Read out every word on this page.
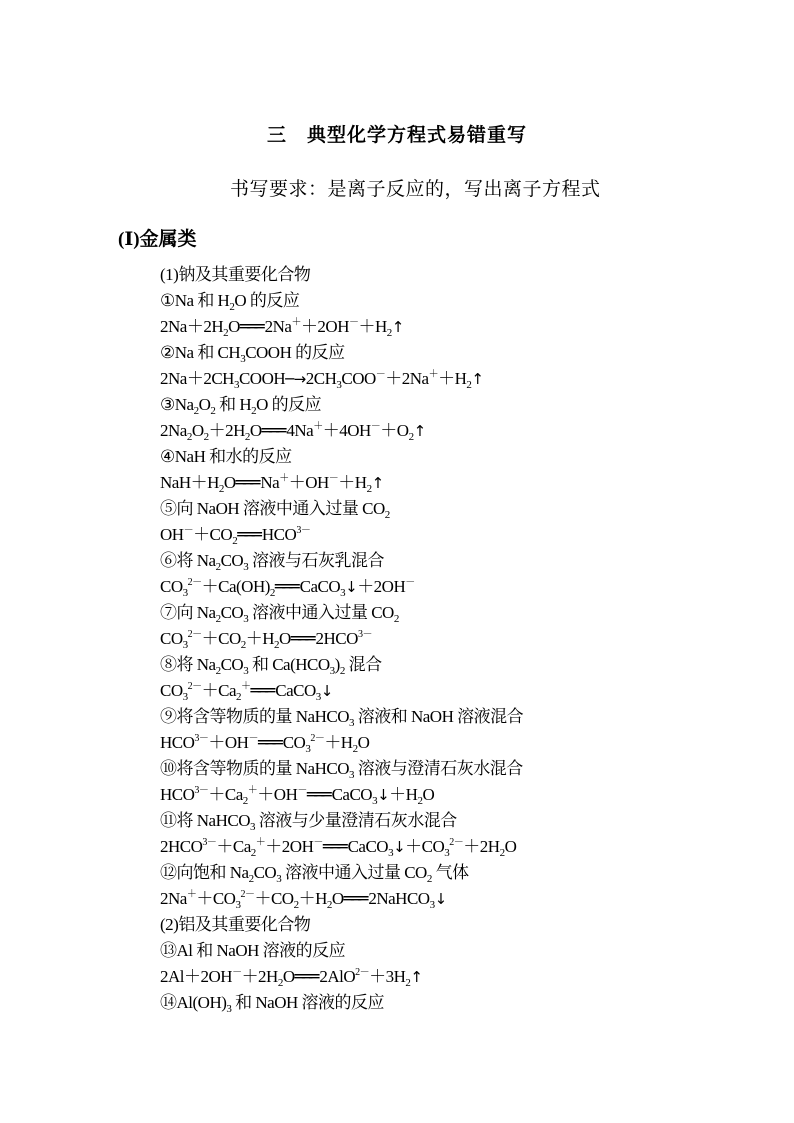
三　典型化学方程式易错重写
书写要求：是离子反应的，写出离子方程式
(Ⅰ)金属类
(1)钠及其重要化合物
①Na 和 $H_2O$ 的反应
$2Na+2H_2O═══$ $2Na^++2OH^-+H_2↑$
②Na 和 $CH_3COOH$ 的反应
$2Na+2CH_3COOH─\to 2CH_3COO^-+2Na^++H_2↑$
$③Na_2O_2$ 和 $H_2O$ 的反应
$2Na_2O_2+2H_2O═══$ $4Na^++4OH^-+O_2↑$
④NaH 和水的反应
$NaH+H_2O═══$ $Na^++OH^-+H_2↑$
⑤向 NaOH 溶液中通入过量 $CO_2$
$OH^-+CO_2═══$ $HCO^{3-}$
⑥将 $Na_2CO_3$ 溶液与石灰乳混合
$CO_3^{2-}+Ca(OH)_2═══$ CaCO$_3$↓＋2OH－
⑦向 $Na_2CO_3$ 溶液中通入过量 $CO_2$
$CO_3^{2-}+CO_2+H_2O═══$ $2HCO^{3-}$
⑧将 $Na_2CO_3$ 和 $Ca(HCO_3)_2$ 混合
$CO_3^{2-}+Ca_2^+═══$ CaCO$_3$↓
⑨将含等物质的量 NaHCO$_3$ 溶液和 NaOH 溶液混合
$HCO^{3-}+OH^-═══$ $CO_3^{2-}+H_2O$
⑩将含等物质的量 NaHCO$_3$ 溶液与澄清石灰水混合
$HCO^{3-}+Ca_2^++OH^-═══$ $CaCO_3↓+H_2O$
⑪将 NaHCO$_3$ 溶液与少量澄清石灰水混合
$2HCO^{3-}+Ca_2^++2OH^-═══$ $CaCO_3↓+CO_3^{2-}+2H_2O$
⑫向饱和 $Na_2CO_3$ 溶液中通入过量 $CO_2$ 气体
$2Na^++CO_3^{2-}+CO_2+H_2O═══$ 2NaHCO$_3$↓
(2)铝及其重要化合物
⑬Al 和 NaOH 溶液的反应
$2Al+2OH^-+2H_2O═══$ $2AlO^{2-}+3H_2↑$
$⑭Al(OH)_3$ 和 NaOH 溶液的反应
